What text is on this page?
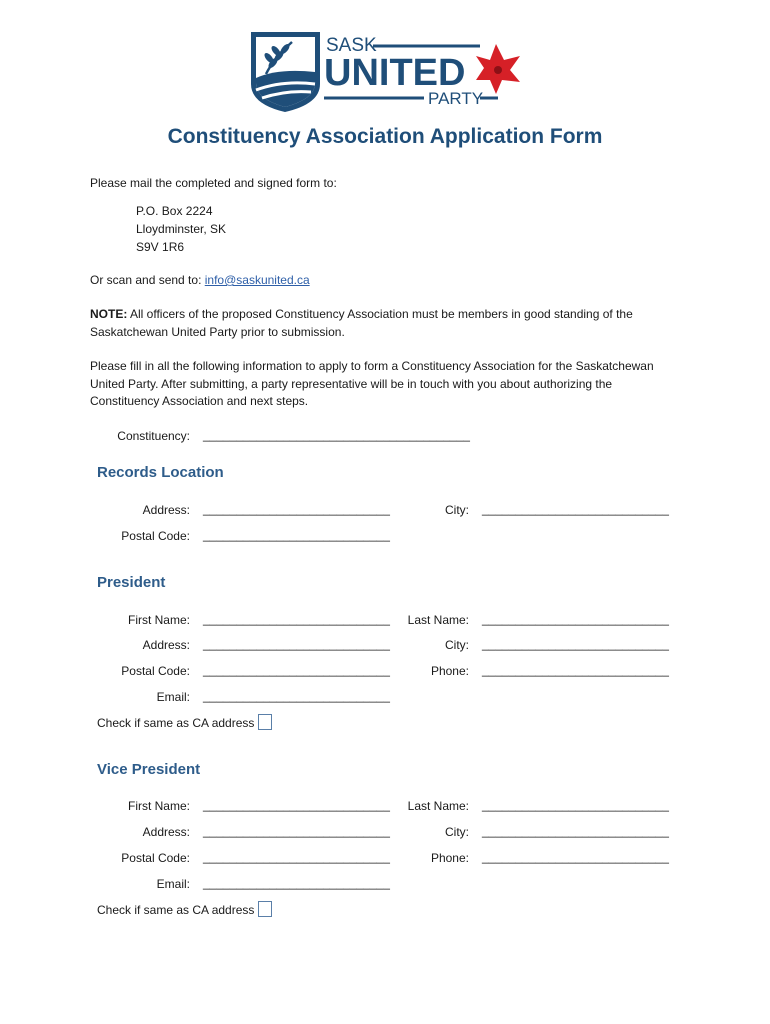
SASK
UNITED
PARTY
Constituency Association Application Form
Please mail the completed and signed form to:
P.O. Box 2224
Lloydminster, SK
S9V 1R6
Or scan and send to: info@saskunited.ca
NOTE: All officers of the proposed Constituency Association must be members in good standing of the Saskatchewan United Party prior to submission.
Please fill in all the following information to apply to form a Constituency Association for the Saskatchewan United Party. After submitting, a party representative will be in touch with you about authorizing the Constituency Association and next steps.
Constituency: ________________________________________
Records Location
Address: ____________________________	City: ____________________________
Postal Code: ____________________________
President
First Name: ____________________________	Last Name: ____________________________
Address: ____________________________	City: ____________________________
Postal Code: ____________________________	Phone: ____________________________
Email: ____________________________
Check if same as CA address
Vice President
First Name: ____________________________	Last Name: ____________________________
Address: ____________________________	City: ____________________________
Postal Code: ____________________________	Phone: ____________________________
Email: ____________________________
Check if same as CA address
